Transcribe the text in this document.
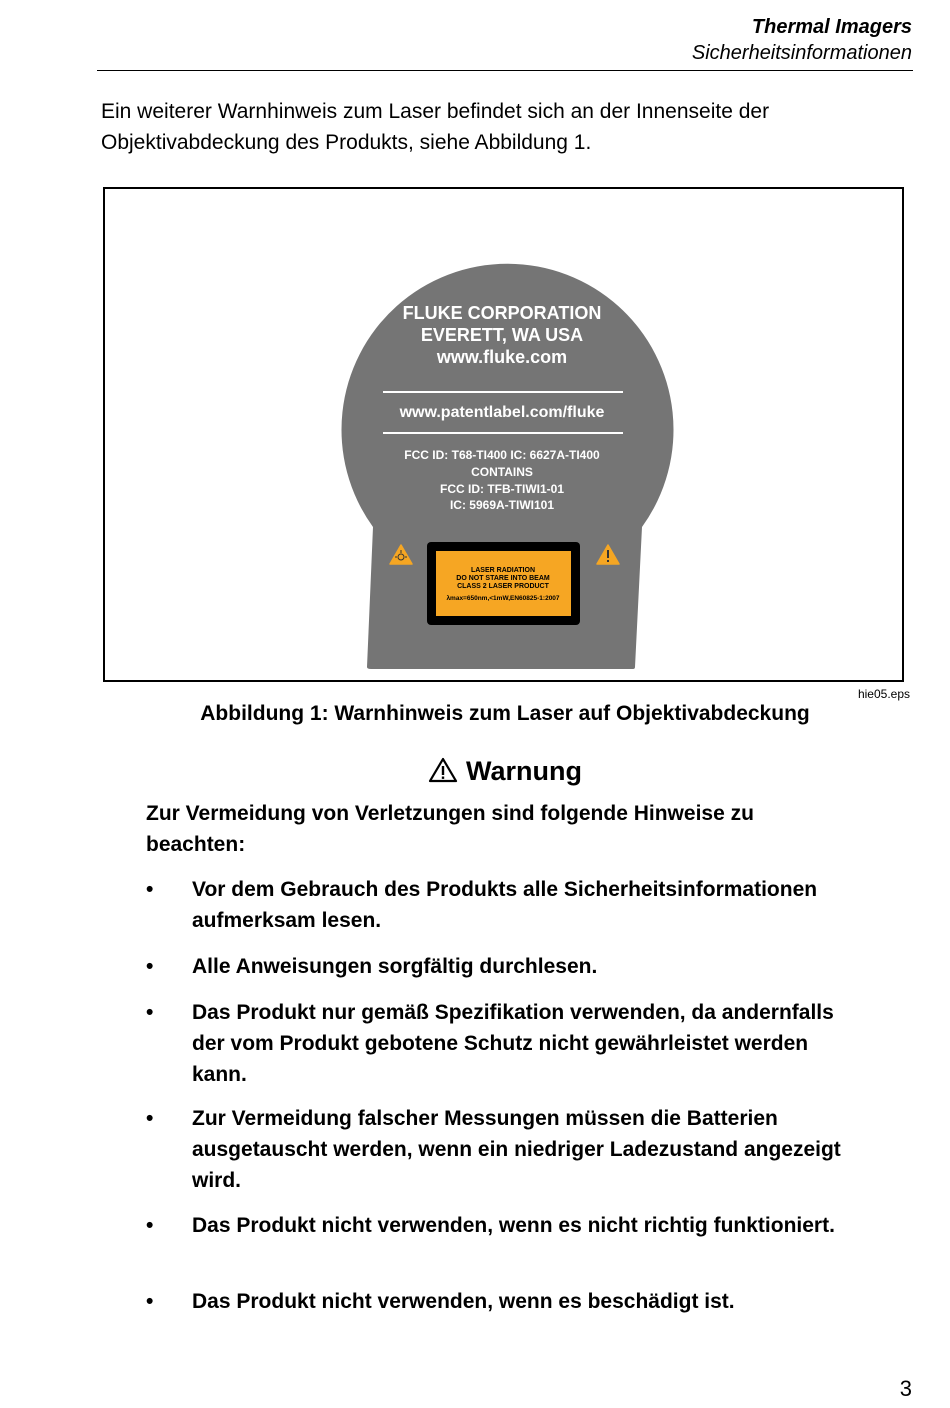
Thermal Imagers
Sicherheitsinformationen
Ein weiterer Warnhinweis zum Laser befindet sich an der Innenseite der Objektivabdeckung des Produkts, siehe Abbildung 1.
FLUKE CORPORATION
EVERETT, WA USA
www.fluke.com
www.patentlabel.com/fluke
FCC ID: T68-TI400 IC: 6627A-TI400
CONTAINS
FCC ID: TFB-TIWI1-01
IC: 5969A-TIWI101
LASER RADIATION
DO NOT STARE INTO BEAM
CLASS 2 LASER PRODUCT
λmax=650nm,<1mW,EN60825-1:2007
hie05.eps
Abbildung 1: Warnhinweis zum Laser auf Objektivabdeckung
Warnung
Zur Vermeidung von Verletzungen sind folgende Hinweise zu beachten:
•	Vor dem Gebrauch des Produkts alle Sicherheitsinformationen aufmerksam lesen.
•	Alle Anweisungen sorgfältig durchlesen.
•	Das Produkt nur gemäß Spezifikation verwenden, da andernfalls der vom Produkt gebotene Schutz nicht gewährleistet werden kann.
•	Zur Vermeidung falscher Messungen müssen die Batterien ausgetauscht werden, wenn ein niedriger Ladezustand angezeigt wird.
•	Das Produkt nicht verwenden, wenn es nicht richtig funktioniert.
•	Das Produkt nicht verwenden, wenn es beschädigt ist.
3
